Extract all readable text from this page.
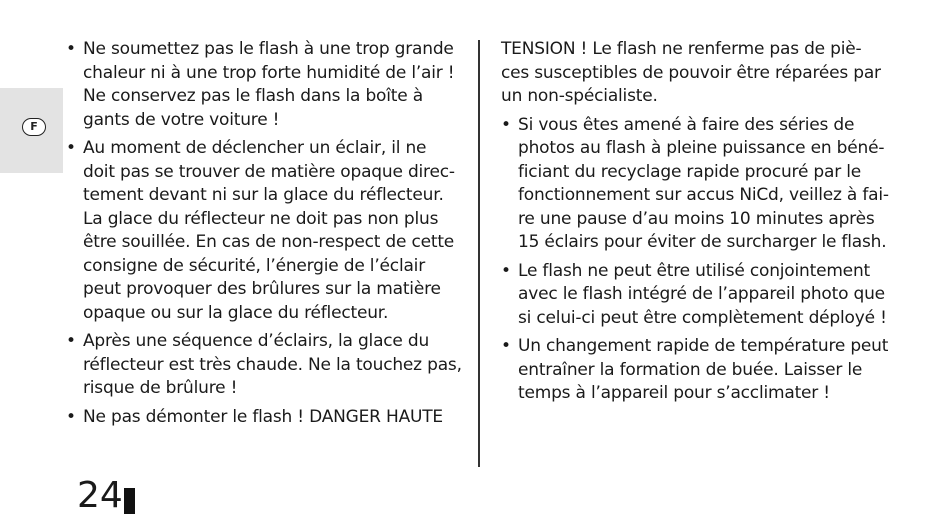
F
• Ne soumettez pas le flash à une trop grande
chaleur ni à une trop forte humidité de l’air !
Ne conservez pas le flash dans la boîte à
gants de votre voiture !
• Au moment de déclencher un éclair, il ne
doit pas se trouver de matière opaque direc-
tement devant ni sur la glace du réflecteur.
La glace du réflecteur ne doit pas non plus
être souillée. En cas de non-respect de cette
consigne de sécurité, l’énergie de l’éclair
peut provoquer des brûlures sur la matière
opaque ou sur la glace du réflecteur.
• Après une séquence d’éclairs, la glace du
réflecteur est très chaude. Ne la touchez pas,
risque de brûlure !
• Ne pas démonter le flash ! DANGER HAUTE
TENSION ! Le flash ne renferme pas de piè-
ces susceptibles de pouvoir être réparées par
un non-spécialiste.
• Si vous êtes amené à faire des séries de
photos au flash à pleine puissance en béné-
ficiant du recyclage rapide procuré par le
fonctionnement sur accus NiCd, veillez à fai-
re une pause d’au moins 10 minutes après
15 éclairs pour éviter de surcharger le flash.
• Le flash ne peut être utilisé conjointement
avec le flash intégré de l’appareil photo que
si celui-ci peut être complètement déployé !
• Un changement rapide de température peut
entraîner la formation de buée. Laisser le
temps à l’appareil pour s’acclimater !
24
